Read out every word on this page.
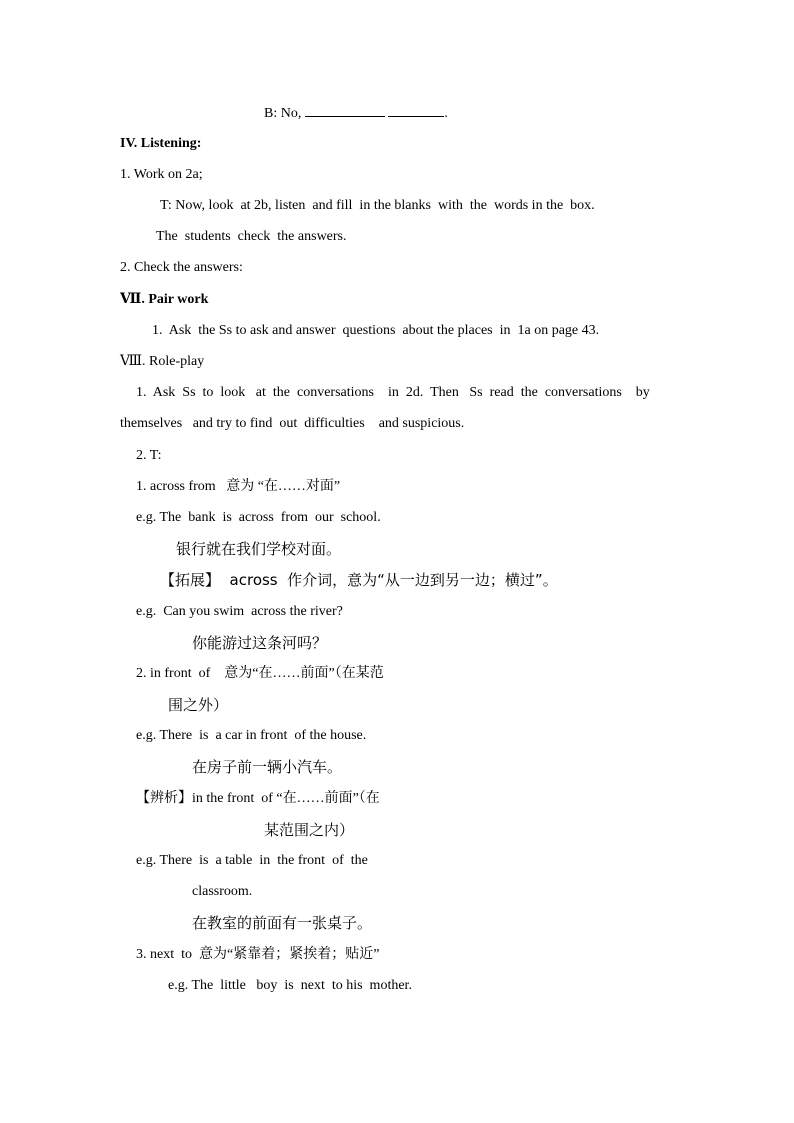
B: No,	.
IV. Listening:
1. Work on 2a;
T: Now, look  at 2b, listen  and fill  in the blanks  with  the  words in the  box.
The  students  check  the answers.
2. Check the answers:
Ⅶ. Pair work
1.  Ask  the Ss to ask and answer  questions  about the places  in  1a on page 43.
Ⅷ. Role-play
1.  Ask  Ss  to  look   at  the  conversations    in  2d.  Then   Ss  read  the  conversations    by
themselves   and try to find  out  difficulties    and suspicious.
2. T:
1. across from   意为 “在……对面”
e.g. The  bank  is  across  from  our  school.
银行就在我们学校对面。
【拓展】  across  作介词，意为“从一边到另一边；横过”。
e.g.  Can you swim  across the river?
你能游过这条河吗？
2. in front  of    意为“在……前面”（在某范
围之外）
e.g. There  is  a car in front  of the house.
在房子前一辆小汽车。
【辨析】in the front  of “在……前面”（在
某范围之内）
e.g. There  is  a table  in  the front  of  the
classroom.
在教室的前面有一张桌子。
3. next  to  意为“紧靠着；紧挨着；贴近”
e.g. The  little   boy  is  next  to his  mother.
